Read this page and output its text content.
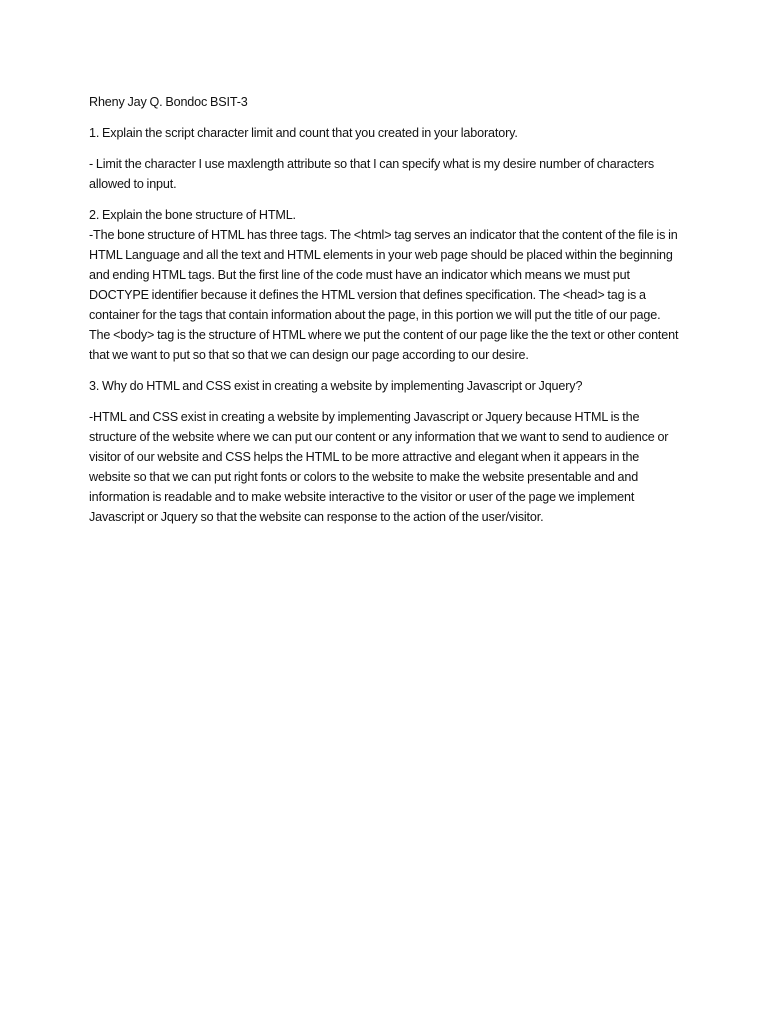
Rheny Jay Q. Bondoc BSIT-3

1. Explain the script character limit and count that you created in your laboratory.

- Limit the character I use maxlength attribute so that I can specify what is my desire number of characters allowed to input.

2. Explain the bone structure of HTML.

-The bone structure of HTML has three tags. The <html> tag serves an indicator that the content of the file is in HTML Language and all the text and HTML elements in your web page should be placed within the beginning and ending HTML tags. But the first line of the code must have an indicator which means we must put DOCTYPE identifier because it defines the HTML version that defines specification. The <head> tag is a container for the tags that contain information about the page, in this portion we will put the title of our page. The <body> tag is the structure of HTML where we put the content of our page like the the text or other content that we want to put so that so that we can design our page according to our desire.

3. Why do HTML and CSS exist in creating a website by implementing Javascript or Jquery?

-HTML and CSS exist in creating a website by implementing Javascript or Jquery because HTML is the structure of the website where we can put our content or any information that we want to send to audience or visitor of our website and CSS helps the HTML to be more attractive and elegant when it appears in the website so that we can put right fonts or colors to the website to make the website presentable and and information is readable and to make website interactive to the visitor or user of the page we implement Javascript or Jquery so that the website can response to the action of the user/visitor.
